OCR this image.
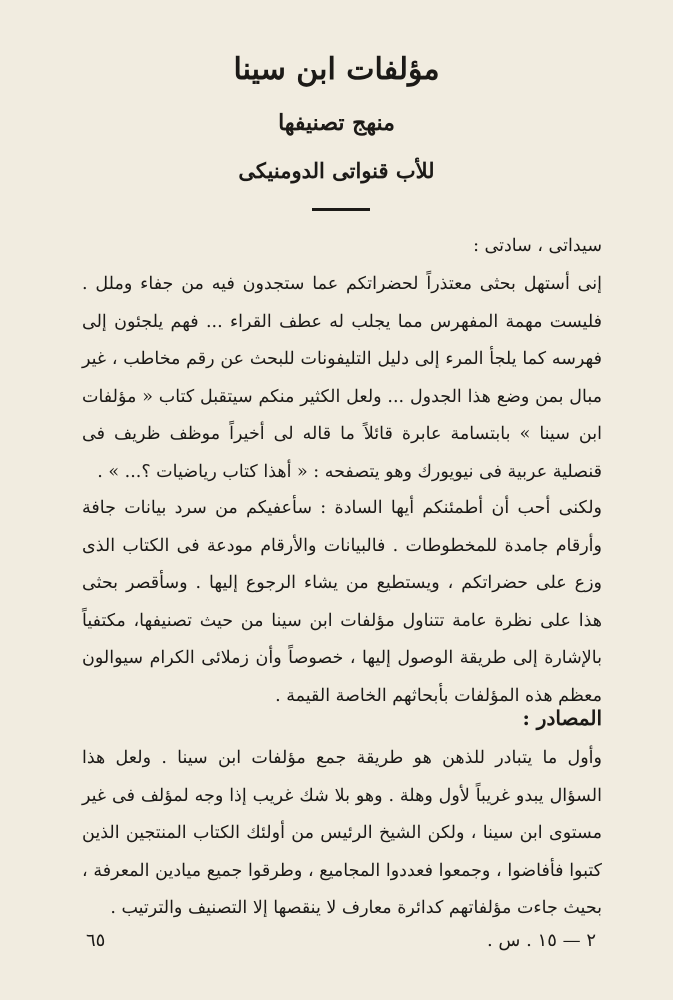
مؤلفات ابن سينا
منهج تصنيفها
للأب قنواتى الدومنيكى

سيداتى ، سادتى :

إنى أستهل بحثى معتذراً لحضراتكم عما ستجدون فيه من جفاء وملل . فليست مهمة المفهرس مما يجلب له عطف القراء ... فهم يلجئون إلى فهرسه كما يلجأ المرء إلى دليل التليفونات للبحث عن رقم مخاطب ، غير مبال بمن وضع هذا الجدول ... ولعل الكثير منكم سيتقبل كتاب « مؤلفات ابن سينا » بابتسامة عابرة قائلاً ما قاله لى أخيراً موظف ظريف فى قنصلية عربية فى نيويورك وهو يتصفحه : « أهذا كتاب رياضيات ؟... » .

ولكنى أحب أن أطمئنكم أيها السادة : سأعفيكم من سرد بيانات جافة وأرقام جامدة للمخطوطات . فالبيانات والأرقام مودعة فى الكتاب الذى وزع على حضراتكم ، ويستطيع من يشاء الرجوع إليها . وسأقصر بحثى هذا على نظرة عامة تتناول مؤلفات ابن سينا من حيث تصنيفها، مكتفياً بالإشارة إلى طريقة الوصول إليها ، خصوصاً وأن زملائى الكرام سيوالون معظم هذه المؤلفات بأبحاثهم الخاصة القيمة .

المصادر :

وأول ما يتبادر للذهن هو طريقة جمع مؤلفات ابن سينا . ولعل هذا السؤال يبدو غريباً لأول وهلة . وهو بلا شك غريب إذا وجه لمؤلف فى غير مستوى ابن سينا ، ولكن الشيخ الرئيس من أولئك الكتاب المنتجين الذين كتبوا فأفاضوا ، وجمعوا فعددوا المجاميع ، وطرقوا جميع ميادين المعرفة ، بحيث جاءت مؤلفاتهم كدائرة معارف لا ينقصها إلا التصنيف والترتيب .

٢ — ١٥ . س .
٦٥
